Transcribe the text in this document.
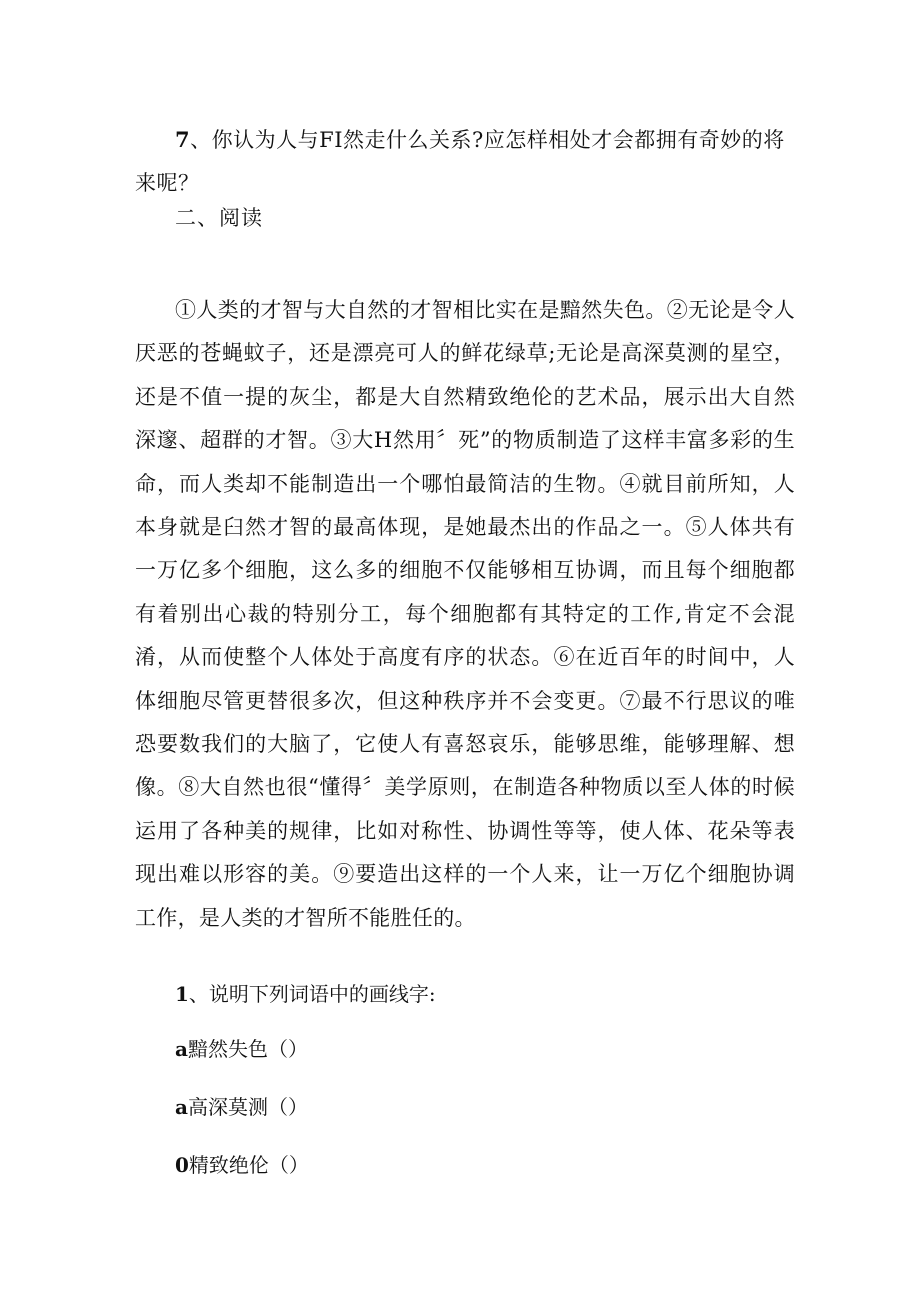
7、你认为人与FI然走什么关系?应怎样相处才会都拥有奇妙的将来呢？

二、阅读

①人类的才智与大自然的才智相比实在是黯然失色。②无论是令人厌恶的苍蝇蚊子，还是漂亮可人的鲜花绿草;无论是高深莫测的星空，还是不值一提的灰尘，都是大自然精致绝伦的艺术品，展示出大自然深邃、超群的才智。③大H然用〞死”的物质制造了这样丰富多彩的生命，而人类却不能制造出一个哪怕最简洁的生物。④就目前所知，人本身就是臼然才智的最高体现，是她最杰出的作品之一。⑤人体共有一万亿多个细胞，这么多的细胞不仅能够相互协调，而且每个细胞都有着别出心裁的特别分工，每个细胞都有其特定的工作,肯定不会混淆，从而使整个人体处于高度有序的状态。⑥在近百年的时间中，人体细胞尽管更替很多次，但这种秩序并不会变更。⑦最不行思议的唯恐要数我们的大脑了，它使人有喜怒哀乐，能够思维，能够理解、想像。⑧大自然也很“懂得〞美学原则，在制造各种物质以至人体的时候运用了各种美的规律，比如对称性、协调性等等，使人体、花朵等表现出难以形容的美。⑨要造出这样的一个人来，让一万亿个细胞协调工作，是人类的才智所不能胜任的。

1、说明下列词语中的画线字:

a黯然失色（）

a高深莫测（）

0精致绝伦（）
